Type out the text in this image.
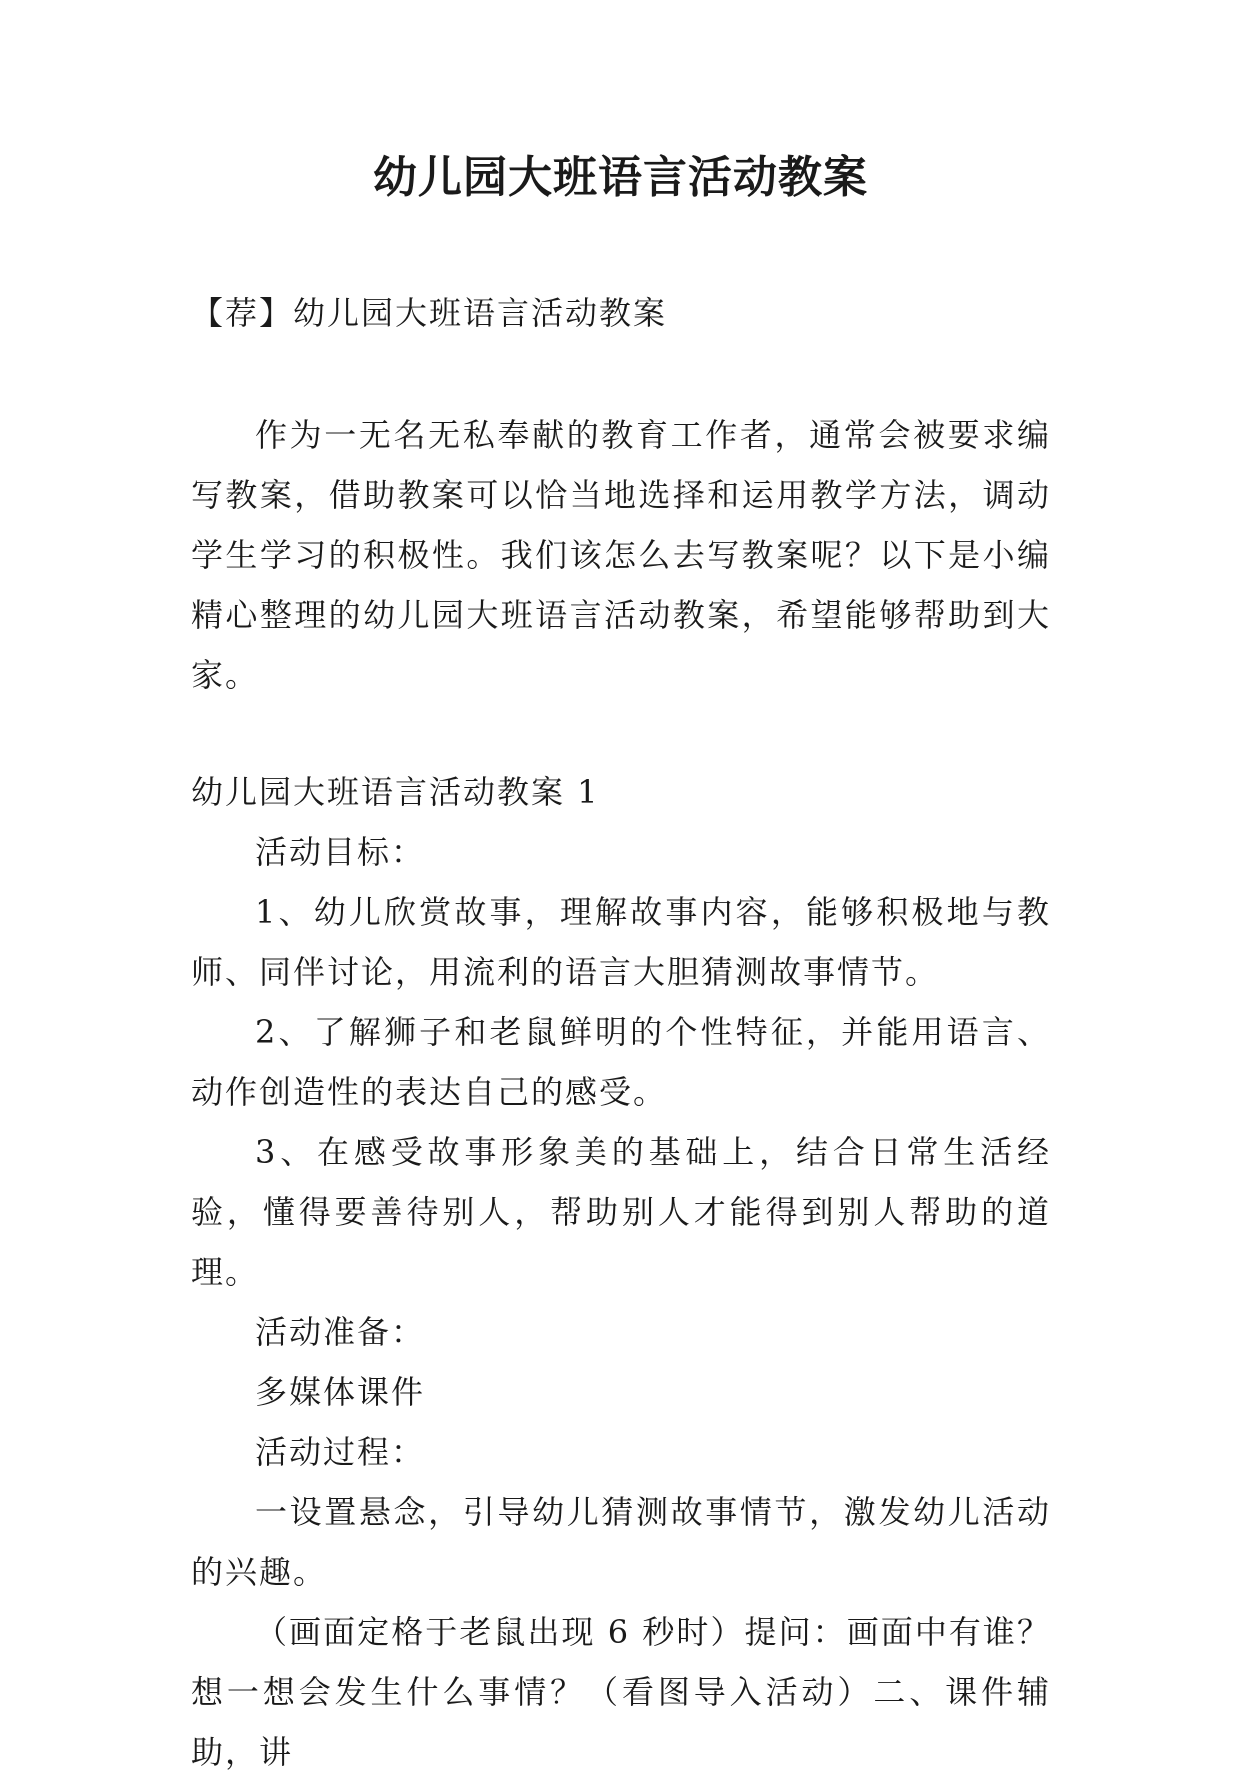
幼儿园大班语言活动教案

【荐】幼儿园大班语言活动教案

作为一无名无私奉献的教育工作者，通常会被要求编写教案，借助教案可以恰当地选择和运用教学方法，调动学生学习的积极性。我们该怎么去写教案呢？以下是小编精心整理的幼儿园大班语言活动教案，希望能够帮助到大家。

幼儿园大班语言活动教案 1

活动目标：

1、幼儿欣赏故事，理解故事内容，能够积极地与教师、同伴讨论，用流利的语言大胆猜测故事情节。

2、了解狮子和老鼠鲜明的个性特征，并能用语言、动作创造性的表达自己的感受。

3、在感受故事形象美的基础上，结合日常生活经验，懂得要善待别人，帮助别人才能得到别人帮助的道理。

活动准备：

多媒体课件

活动过程：

一设置悬念，引导幼儿猜测故事情节，激发幼儿活动的兴趣。

（画面定格于老鼠出现 6 秒时）提问：画面中有谁？想一想会发生什么事情？（看图导入活动）二、课件辅助，讲
